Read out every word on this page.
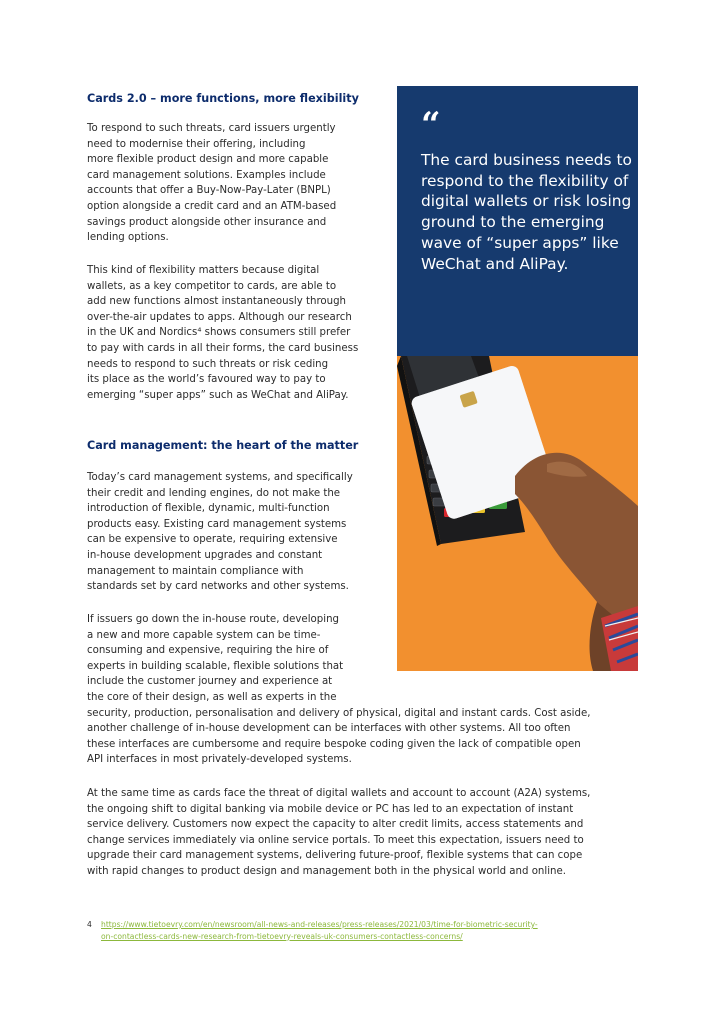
Cards 2.0 – more functions, more flexibility
To respond to such threats, card issuers urgently
need to modernise their offering, including
more flexible product design and more capable
card management solutions. Examples include
accounts that offer a Buy-Now-Pay-Later (BNPL)
option alongside a credit card and an ATM-based
savings product alongside other insurance and
lending options.
This kind of flexibility matters because digital
wallets, as a key competitor to cards, are able to
add new functions almost instantaneously through
over-the-air updates to apps. Although our research
in the UK and Nordics⁴ shows consumers still prefer
to pay with cards in all their forms, the card business
needs to respond to such threats or risk ceding
its place as the world’s favoured way to pay to
emerging “super apps” such as WeChat and AliPay.
“
The card business needs to respond to the flexibility of digital wallets or risk losing ground to the emerging wave of “super apps” like WeChat and AliPay.
Card management: the heart of the matter
Today’s card management systems, and specifically
their credit and lending engines, do not make the
introduction of flexible, dynamic, multi-function
products easy. Existing card management systems
can be expensive to operate, requiring extensive
in-house development upgrades and constant
management to maintain compliance with
standards set by card networks and other systems.
If issuers go down the in-house route, developing
a new and more capable system can be time-
consuming and expensive, requiring the hire of
experts in building scalable, flexible solutions that
include the customer journey and experience at
the core of their design, as well as experts in the
security, production, personalisation and delivery of physical, digital and instant cards. Cost aside,
another challenge of in-house development can be interfaces with other systems. All too often
these interfaces are cumbersome and require bespoke coding given the lack of compatible open
API interfaces in most privately-developed systems.
At the same time as cards face the threat of digital wallets and account to account (A2A) systems,
the ongoing shift to digital banking via mobile device or PC has led to an expectation of instant
service delivery. Customers now expect the capacity to alter credit limits, access statements and
change services immediately via online service portals. To meet this expectation, issuers need to
upgrade their card management systems, delivering future-proof, flexible systems that can cope
with rapid changes to product design and management both in the physical world and online.
4 https://www.tietoevry.com/en/newsroom/all-news-and-releases/press-releases/2021/03/time-for-biometric-security-
on-contactless-cards-new-research-from-tietoevry-reveals-uk-consumers-contactless-concerns/
